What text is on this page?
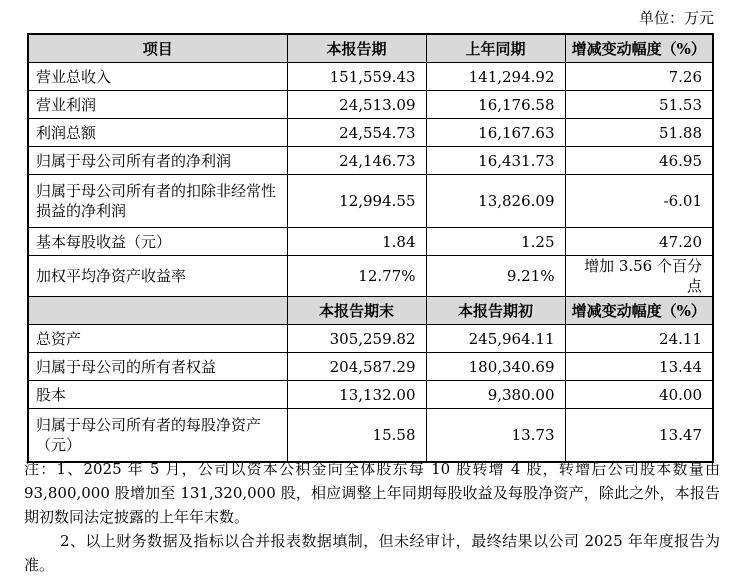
单位：万元
项目	本报告期	上年同期	增减变动幅度（%）
营业总收入	151,559.43	141,294.92	7.26
营业利润	24,513.09	16,176.58	51.53
利润总额	24,554.73	16,167.63	51.88
归属于母公司所有者的净利润	24,146.73	16,431.73	46.95
归属于母公司所有者的扣除非经常性损益的净利润	12,994.55	13,826.09	-6.01
基本每股收益（元）	1.84	1.25	47.20
加权平均净资产收益率	12.77%	9.21%	增加 3.56 个百分点
	本报告期末	本报告期初	增减变动幅度（%）
总资产	305,259.82	245,964.11	24.11
归属于母公司的所有者权益	204,587.29	180,340.69	13.44
股本	13,132.00	9,380.00	40.00
归属于母公司所有者的每股净资产（元）	15.58	13.73	13.47

注：1、2025 年 5 月，公司以资本公积金向全体股东每 10 股转增 4 股，转增后公司股本数量由 93,800,000 股增加至 131,320,000 股，相应调整上年同期每股收益及每股净资产，除此之外，本报告期初数同法定披露的上年年末数。

2、以上财务数据及指标以合并报表数据填制，但未经审计，最终结果以公司 2025 年年度报告为准。
